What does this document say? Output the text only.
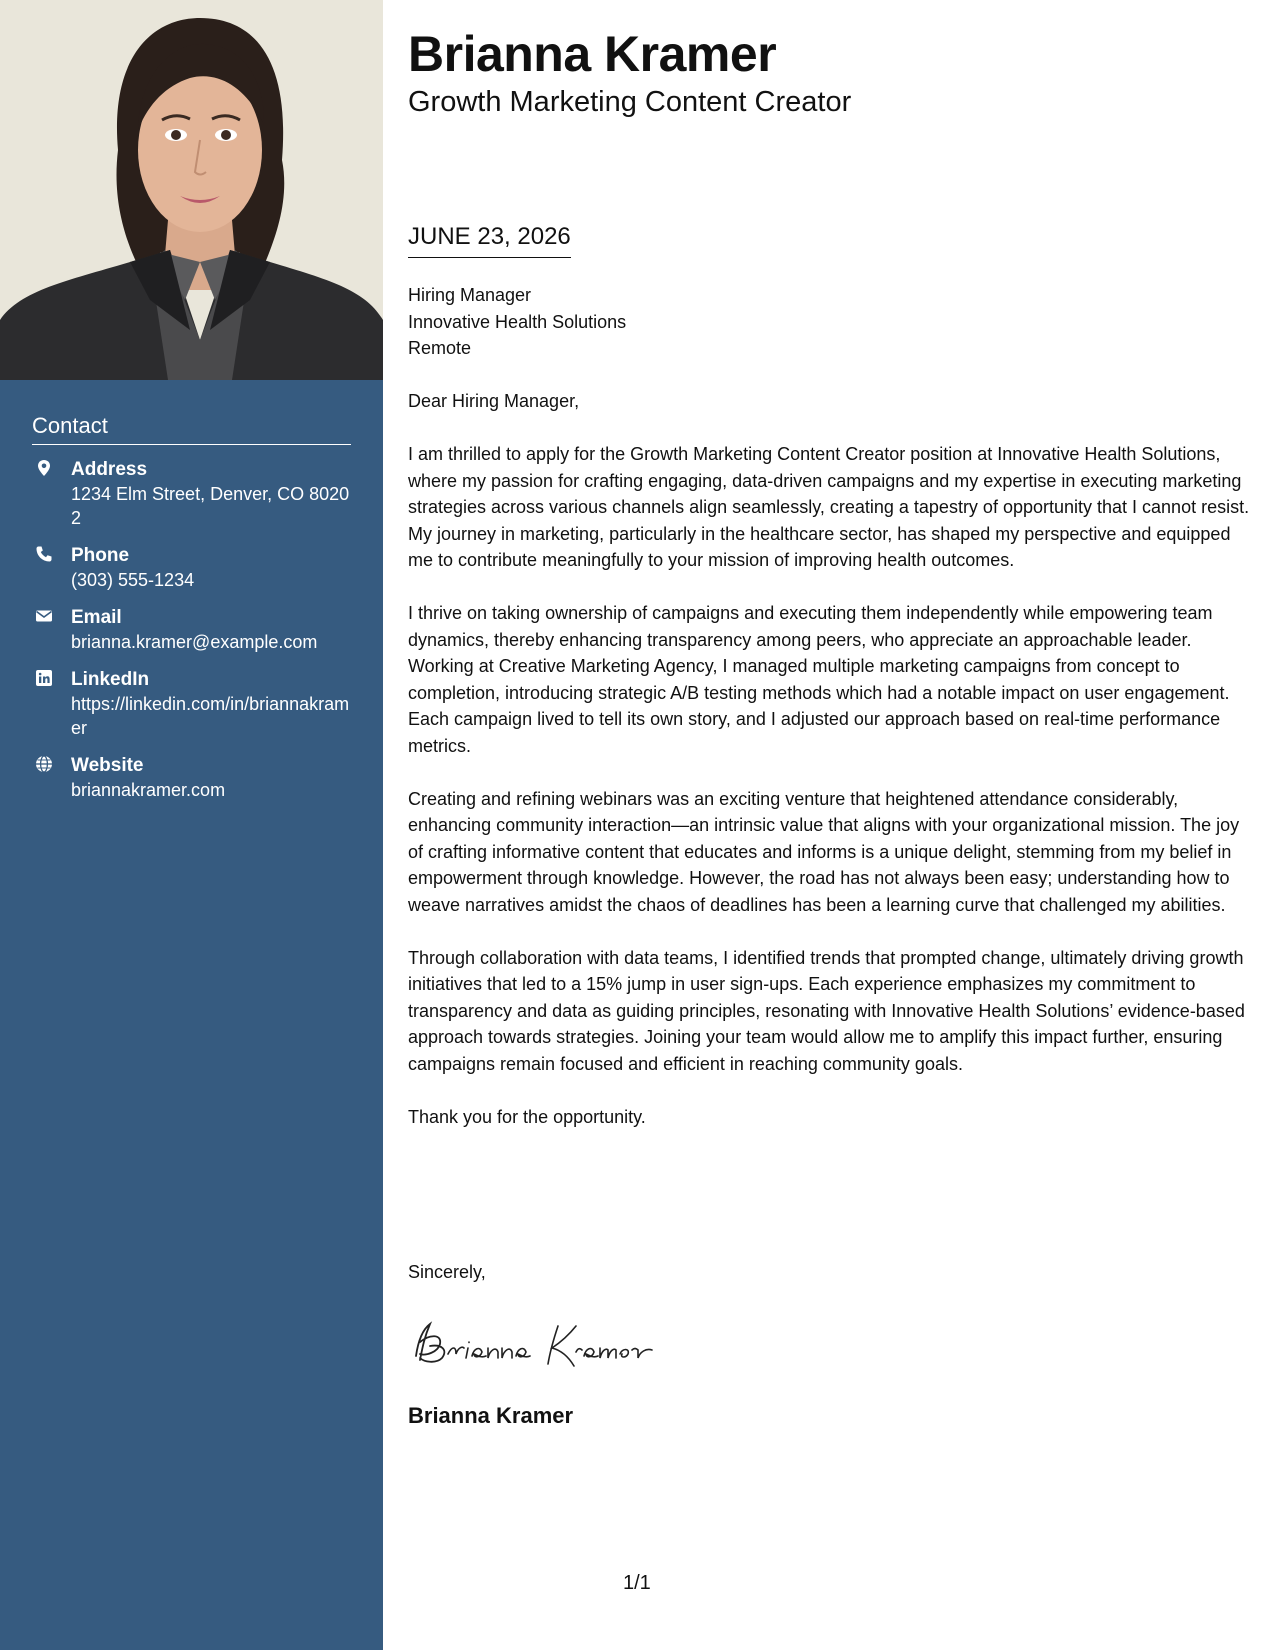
Contact
Address
1234 Elm Street, Denver, CO 80202
Phone
(303) 555-1234
Email
brianna.kramer@example.com
LinkedIn
https://linkedin.com/in/briannakramer
Website
briannakramer.com
Brianna Kramer
Growth Marketing Content Creator
JUNE 23, 2026
Hiring Manager
Innovative Health Solutions
Remote

Dear Hiring Manager,

I am thrilled to apply for the Growth Marketing Content Creator position at Innovative Health Solutions, where my passion for crafting engaging, data-driven campaigns and my expertise in executing marketing strategies across various channels align seamlessly, creating a tapestry of opportunity that I cannot resist. My journey in marketing, particularly in the healthcare sector, has shaped my perspective and equipped me to contribute meaningfully to your mission of improving health outcomes.

I thrive on taking ownership of campaigns and executing them independently while empowering team dynamics, thereby enhancing transparency among peers, who appreciate an approachable leader. Working at Creative Marketing Agency, I managed multiple marketing campaigns from concept to completion, introducing strategic A/B testing methods which had a notable impact on user engagement. Each campaign lived to tell its own story, and I adjusted our approach based on real-time performance metrics.

Creating and refining webinars was an exciting venture that heightened attendance considerably, enhancing community interaction—an intrinsic value that aligns with your organizational mission. The joy of crafting informative content that educates and informs is a unique delight, stemming from my belief in empowerment through knowledge. However, the road has not always been easy; understanding how to weave narratives amidst the chaos of deadlines has been a learning curve that challenged my abilities.

Through collaboration with data teams, I identified trends that prompted change, ultimately driving growth initiatives that led to a 15% jump in user sign-ups. Each experience emphasizes my commitment to transparency and data as guiding principles, resonating with Innovative Health Solutions’ evidence-based approach towards strategies. Joining your team would allow me to amplify this impact further, ensuring campaigns remain focused and efficient in reaching community goals.

Thank you for the opportunity.

Sincerely,
Brianna Kramer
1/1
